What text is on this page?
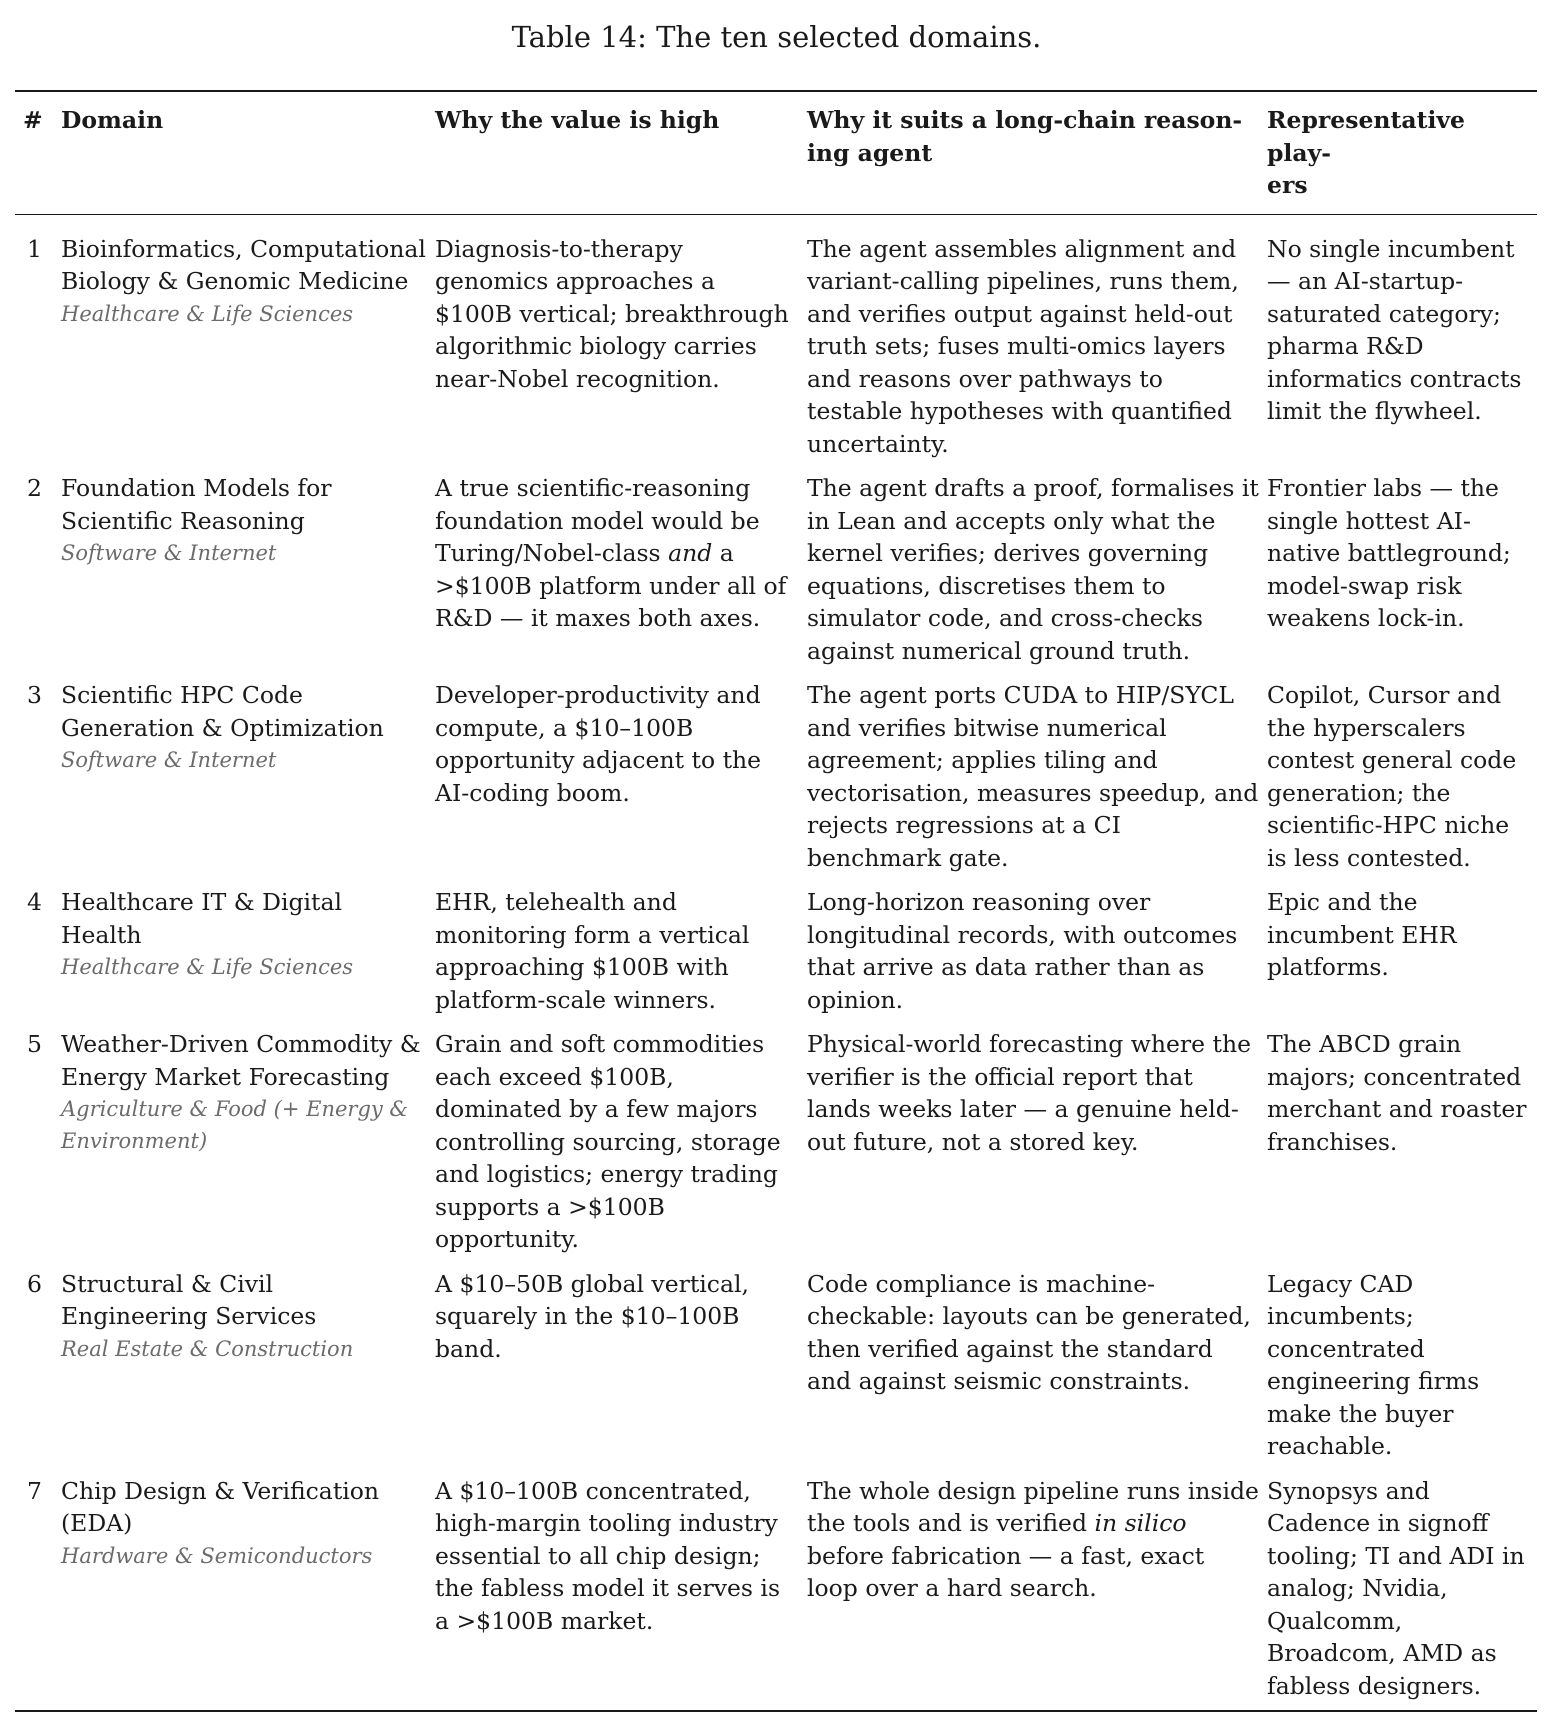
Table 14: The ten selected domains.
# Domain	Why the value is high	Why it suits a long-chain reason-
ing agent
Representative play-
ers
1 Bioinformatics, Computational Biology & Genomic Medicine
Healthcare & Life Sciences
Diagnosis-to-therapy genomics approaches a $100B vertical; breakthrough algorithmic biology carries near-Nobel recognition.
The agent assembles alignment and variant-calling pipelines, runs them, and verifies output against held-out truth sets; fuses multi-omics layers and reasons over pathways to testable hypotheses with quantified uncertainty.
No single incumbent — an AI-startup-saturated category; pharma R&D informatics contracts limit the flywheel.
2 Foundation Models for Scientific Reasoning
Software & Internet
A true scientific-reasoning foundation model would be Turing/Nobel-class and a >$100B platform under all of R&D — it maxes both axes.
The agent drafts a proof, formalises it in Lean and accepts only what the kernel verifies; derives governing equations, discretises them to simulator code, and cross-checks against numerical ground truth.
Frontier labs — the single hottest AI-native battleground; model-swap risk weakens lock-in.
3 Scientific HPC Code Generation & Optimization
Software & Internet
Developer-productivity and compute, a $10–100B opportunity adjacent to the AI-coding boom.
The agent ports CUDA to HIP/SYCL and verifies bitwise numerical agreement; applies tiling and vectorisation, measures speedup, and rejects regressions at a CI benchmark gate.
Copilot, Cursor and the hyperscalers contest general code generation; the scientific-HPC niche is less contested.
4 Healthcare IT & Digital Health
Healthcare & Life Sciences
EHR, telehealth and monitoring form a vertical approaching $100B with platform-scale winners.
Long-horizon reasoning over longitudinal records, with outcomes that arrive as data rather than as opinion.
Epic and the incumbent EHR platforms.
5 Weather-Driven Commodity & Energy Market Forecasting
Agriculture & Food (+ Energy & Environment)
Grain and soft commodities each exceed $100B, dominated by a few majors controlling sourcing, storage and logistics; energy trading supports a >$100B opportunity.
Physical-world forecasting where the verifier is the official report that lands weeks later — a genuine held-out future, not a stored key.
The ABCD grain majors; concentrated merchant and roaster franchises.
6 Structural & Civil Engineering Services
Real Estate & Construction
A $10–50B global vertical, squarely in the $10–100B band.
Code compliance is machine-checkable: layouts can be generated, then verified against the standard and against seismic constraints.
Legacy CAD incumbents; concentrated engineering firms make the buyer reachable.
7 Chip Design & Verification (EDA)
Hardware & Semiconductors
A $10–100B concentrated, high-margin tooling industry essential to all chip design; the fabless model it serves is a >$100B market.
The whole design pipeline runs inside the tools and is verified in silico before fabrication — a fast, exact loop over a hard search.
Synopsys and Cadence in signoff tooling; TI and ADI in analog; Nvidia, Qualcomm, Broadcom, AMD as fabless designers.
